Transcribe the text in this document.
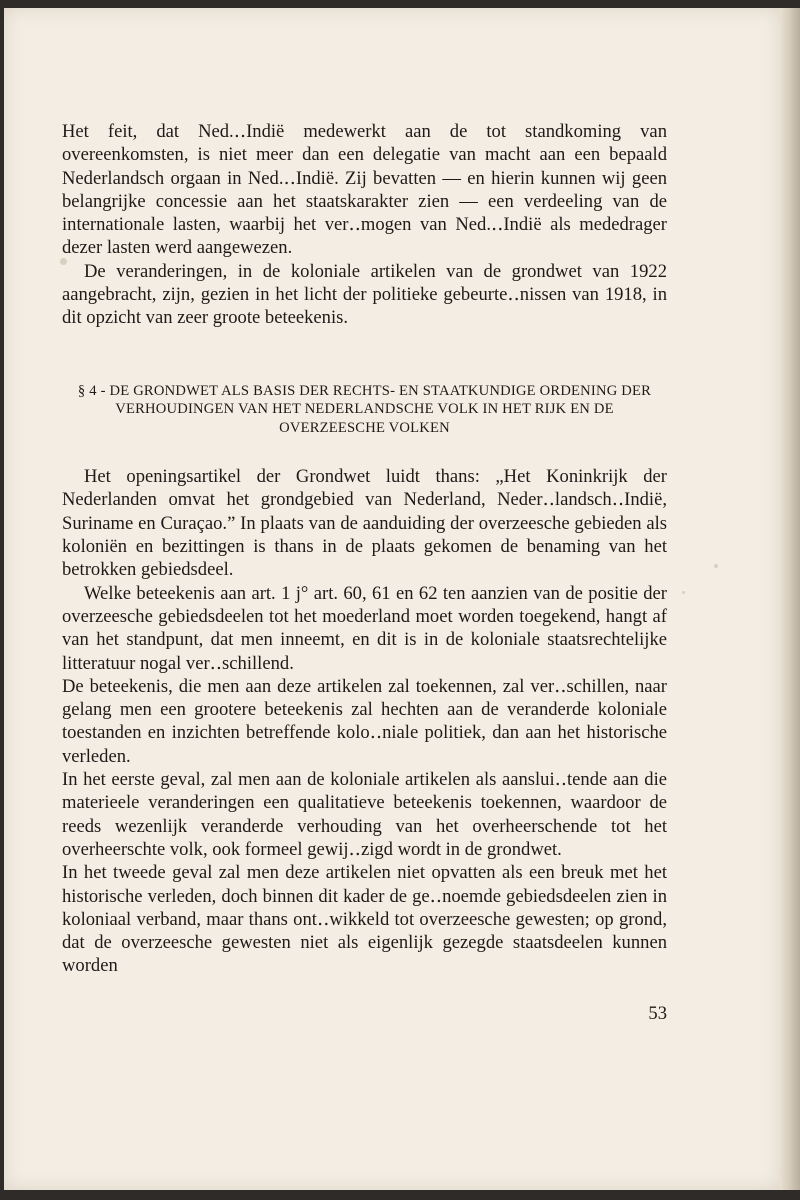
Het feit, dat Ned.‥Indië medewerkt aan de tot standkoming van overeenkomsten, is niet meer dan een delegatie van macht aan een bepaald Nederlandsch orgaan in Ned.‥Indië. Zij bevatten — en hierin kunnen wij geen belangrijke concessie aan het staatskarakter zien — een verdeeling van de internationale lasten, waarbij het ver‥mogen van Ned.‥Indië als mededrager dezer lasten werd aangewezen.

De veranderingen, in de koloniale artikelen van de grondwet van 1922 aangebracht, zijn, gezien in het licht der politieke gebeurte‥nissen van 1918, in dit opzicht van zeer groote beteekenis.

§ 4 - DE GRONDWET ALS BASIS DER RECHTS- EN STAATKUNDIGE ORDENING DER VERHOUDINGEN VAN HET NEDERLANDSCHE VOLK IN HET RIJK EN DE OVERZEESCHE VOLKEN

Het openingsartikel der Grondwet luidt thans: „Het Koninkrijk der Nederlanden omvat het grondgebied van Nederland, Neder‥landsch‥Indië, Suriname en Curaçao.” In plaats van de aanduiding der overzeesche gebieden als koloniën en bezittingen is thans in de plaats gekomen de benaming van het betrokken gebiedsdeel.

Welke beteekenis aan art. 1 j° art. 60, 61 en 62 ten aanzien van de positie der overzeesche gebiedsdeelen tot het moederland moet worden toegekend, hangt af van het standpunt, dat men inneemt, en dit is in de koloniale staatsrechtelijke litteratuur nogal ver‥schillend.

De beteekenis, die men aan deze artikelen zal toekennen, zal ver‥schillen, naar gelang men een grootere beteekenis zal hechten aan de veranderde koloniale toestanden en inzichten betreffende kolo‥niale politiek, dan aan het historische verleden.

In het eerste geval, zal men aan de koloniale artikelen als aanslui‥tende aan die materieele veranderingen een qualitatieve beteekenis toekennen, waardoor de reeds wezenlijk veranderde verhouding van het overheerschende tot het overheerschte volk, ook formeel gewij‥zigd wordt in de grondwet.

In het tweede geval zal men deze artikelen niet opvatten als een breuk met het historische verleden, doch binnen dit kader de ge‥noemde gebiedsdeelen zien in koloniaal verband, maar thans ont‥wikkeld tot overzeesche gewesten; op grond, dat de overzeesche gewesten niet als eigenlijk gezegde staatsdeelen kunnen worden

53
